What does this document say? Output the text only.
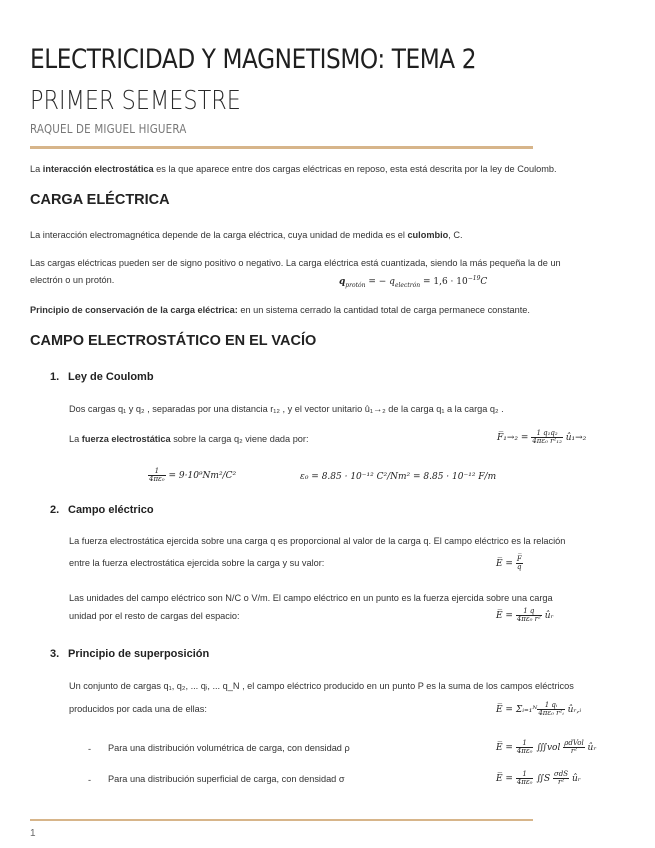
ELECTRICIDAD Y MAGNETISMO: TEMA 2
PRIMER SEMESTRE
RAQUEL DE MIGUEL HIGUERA
La interacción electrostática es la que aparece entre dos cargas eléctricas en reposo, esta está descrita por la ley de Coulomb.
CARGA ELÉCTRICA
La interacción electromagnética depende de la carga eléctrica, cuya unidad de medida es el culombio, C.
Las cargas eléctricas pueden ser de signo positivo o negativo. La carga eléctrica está cuantizada, siendo la más pequeña la de un
electrón o un protón.	$q_{protón}$ = − $q_{electrón} = 1,6 \cdot 10^{-19}C$
Principio de conservación de la carga eléctrica: en un sistema cerrado la cantidad total de carga permanece constante.
CAMPO ELECTROSTÁTICO EN EL VACÍO
1. Ley de Coulomb
Dos cargas q₁ y q₂ , separadas por una distancia r₁₂ , y el vector unitario û₁→₂ de la carga q₁ a la carga q₂ .
La fuerza electrostática sobre la carga q₂ viene dada por:	F̅₁→₂ = $\frac{\text{1 q₁q₂}}{\text{4πε₀ r²₁₂}}$ û₁→₂
$\frac{1}{\text{4πε₀}} = 9\cdot 10^9Nm^2/C^2$	ε₀ = 8.85 · 10⁻¹² C²/Nm² = 8.85 · 10⁻¹² F/m
2. Campo eléctrico
La fuerza electrostática ejercida sobre una carga q es proporcional al valor de la carga q. El campo eléctrico es la relación
entre la fuerza electrostática ejercida sobre la carga y su valor:	E̅ = $\frac{F̅}{q}$
Las unidades del campo eléctrico son N/C o V/m. El campo eléctrico en un punto es la fuerza ejercida sobre una carga
unidad por el resto de cargas del espacio:	E̅ = $\frac{1 q}{\text{4πε₀ r²}}$ ûᵣ
3. Principio de superposición
Un conjunto de cargas q₁, q₂, ... qᵢ, ... q_N , el campo eléctrico producido en un punto P es la suma de los campos eléctricos
producidos por cada una de ellas:	E̅ = Σᵢ₌₁ᴺ $\frac{\text{1 qᵢ}}{\text{4πε₀ r²ᵢ}}$ ûᵣ,ᵢ
- Para una distribución volumétrica de carga, con densidad ρ	E̅ = $\frac{1}{\text{4πε₀}}$ ∭vol $\frac{\text{ρdVol}}{\text{r²}}$ ûᵣ
- Para una distribución superficial de carga, con densidad σ	E̅ = $\frac{1}{\text{4πε₀}}$ ∬S $\frac{\text{σdS}}{\text{r²}}$ ûᵣ
1
